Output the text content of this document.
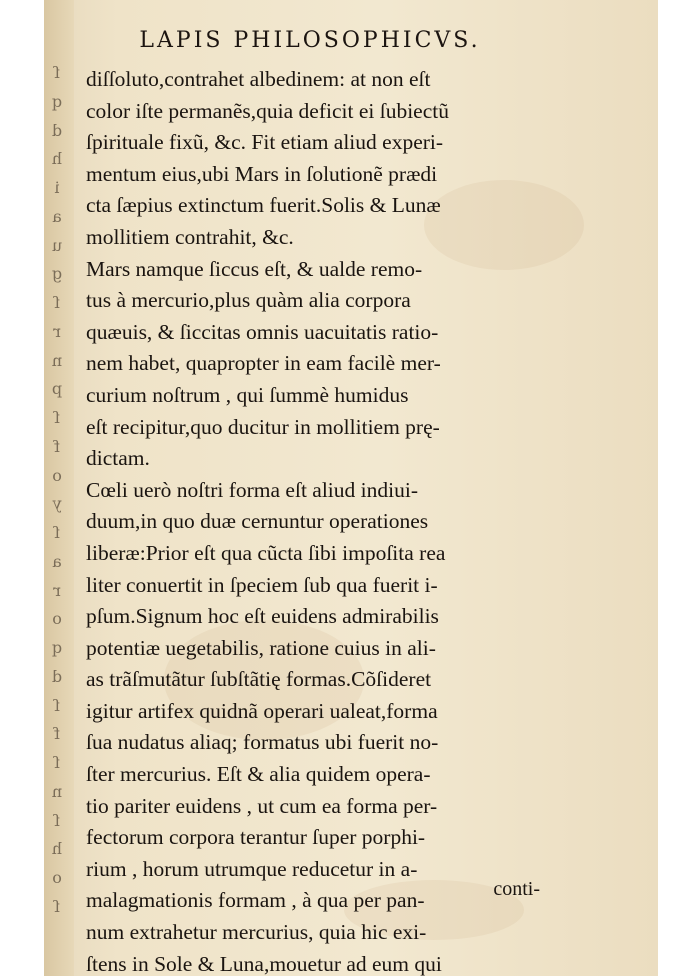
ſ
q
d
h
i
a
u
g
ſ
r
n
p
ſ
f
o
y
ſ
a
r
o
q
d
ſ
f
ſ
n
ſ
h
o
ſ
LAPIS PHILOSOPHICVS.
diſſoluto,contrahet albedinem: at non eſt
color iſte permanẽs,quia deficit ei ſubiectũ
ſpirituale fixũ, &c. Fit etiam aliud experi-
mentum eius,ubi Mars in ſolutionẽ prædi
cta ſæpius extinctum fuerit.Solis & Lunæ
mollitiem contrahit, &c.
Mars namque ſiccus eſt, & ualde remo-
tus à mercurio,plus quàm alia corpora
quæuis, & ſiccitas omnis uacuitatis ratio-
nem habet, quapropter in eam facilè mer-
curium noſtrum , qui ſummè humidus
eſt recipitur,quo ducitur in mollitiem prę-
dictam.
Cœli uerò noſtri forma eſt aliud indiui-
duum,in quo duæ cernuntur operationes
liberæ:Prior eſt qua cũcta ſibi impoſita rea
liter conuertit in ſpeciem ſub qua fuerit i-
pſum.Signum hoc eſt euidens admirabilis
potentiæ uegetabilis, ratione cuius in ali-
as trãſmutãtur ſubſtãtię formas.Cõſideret
igitur artifex quidnã operari ualeat,forma
ſua nudatus aliaq; formatus ubi fuerit no-
ſter mercurius. Eſt & alia quidem opera-
tio pariter euidens , ut cum ea forma per-
fectorum corpora terantur ſuper porphi-
rium , horum utrumque reducetur in a-
malagmationis formam , à qua per pan-
num extrahetur mercurius, quia hic exi-
ſtens in Sole & Luna,mouetur ad eum qui
conti-
